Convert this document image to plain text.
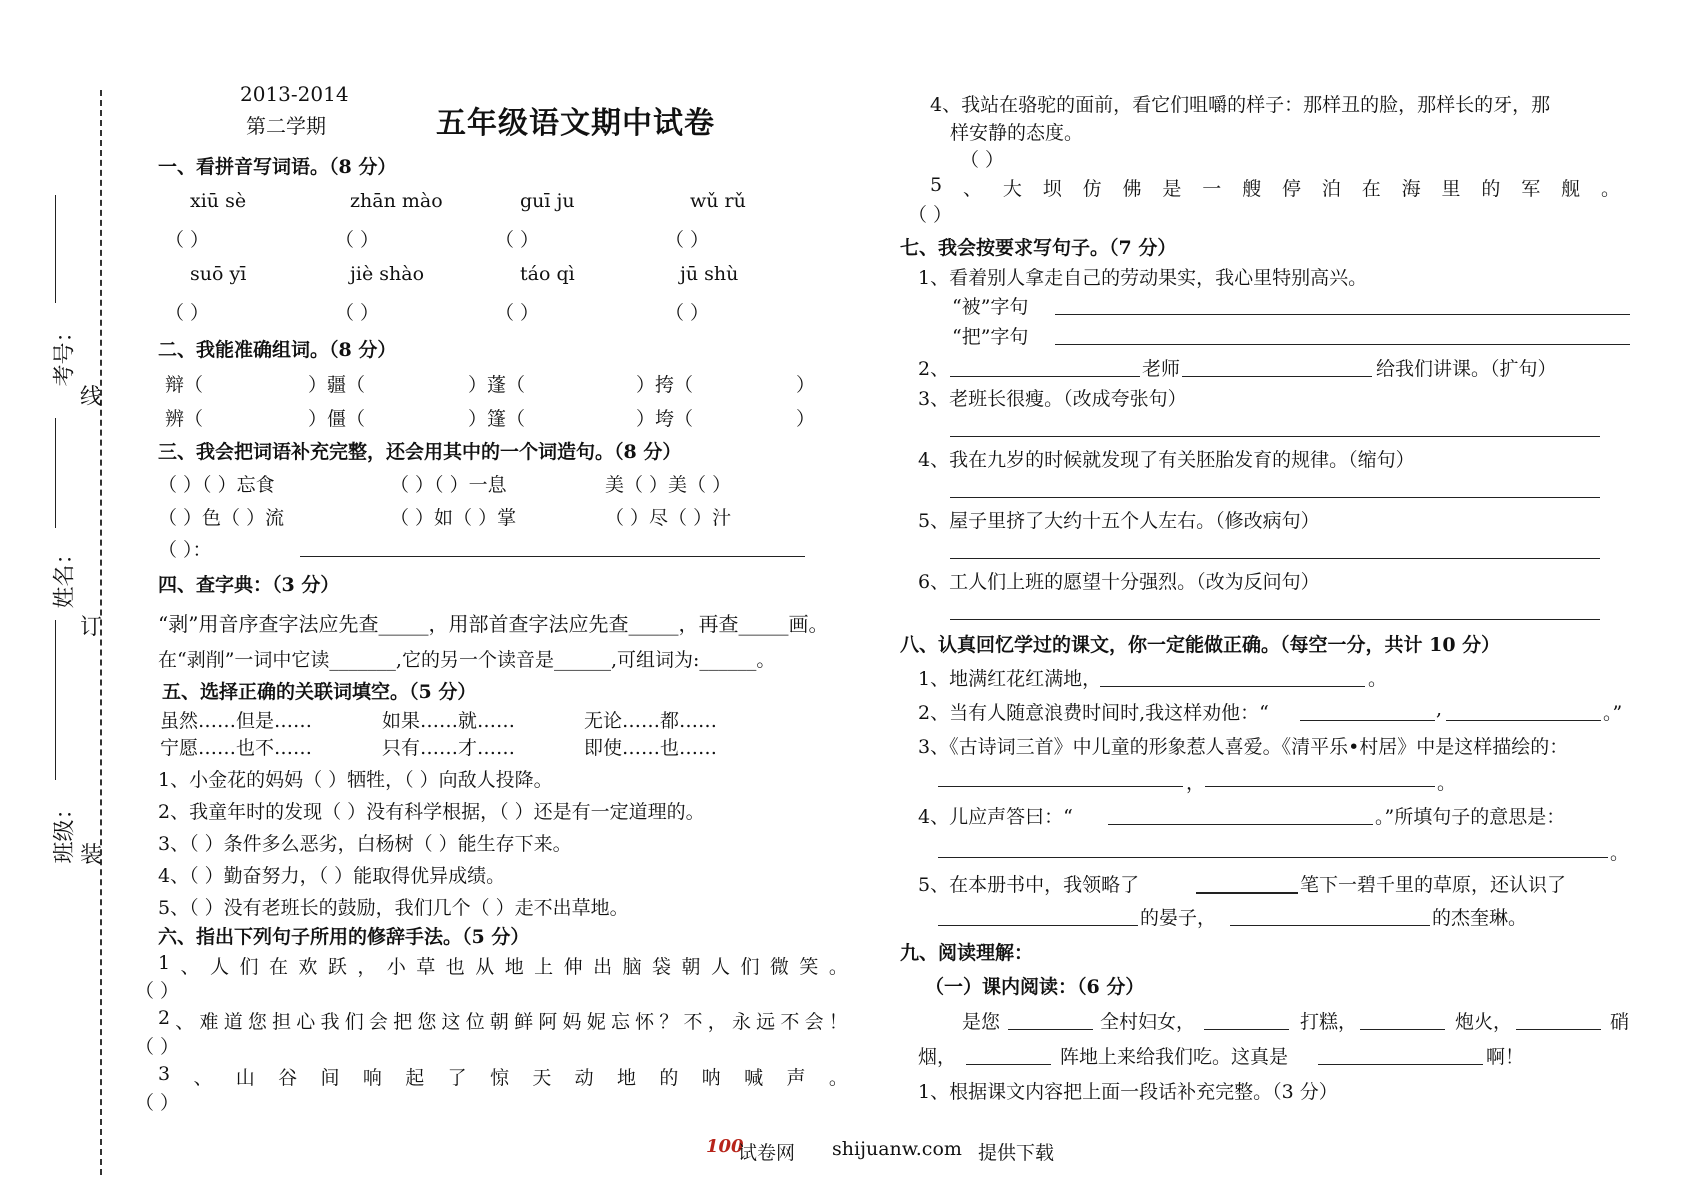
考号：
姓名：
班级：
线
订
装
2013-2014
第二学期	五年级语文期中试卷
一、看拼音写词语。（8 分）
xiū sè	zhān mào	guī ju	wǔ rǔ
（ ）	（ ）	（ ）	（ ）
suō yī	jiè shào	táo qì	jū shù
（ ）	（ ）	（ ）	（ ）
二、我能准确组词。（8 分）
辩（	）疆（	）蓬（	）挎（	）
辨（	）僵（	）篷（	）垮（	）
三、我会把词语补充完整，还会用其中的一个词造句。（8 分）
（ ）（ ）忘食	（ ）（ ）一息	美（ ）美（ ）
（ ）色（ ）流	（ ）如（ ）掌	（ ）尽（ ）汁
（ ）：
四、查字典：（3 分）
“剥”用音序查字法应先查_____，用部首查字法应先查_____，再查_____画。
在“剥削”一词中它读_______,它的另一个读音是______,可组词为:______。
五、选择正确的关联词填空。（5 分）
虽然……但是……	如果……就……	无论……都……
宁愿……也不……	只有……才……	即使……也……
1、小金花的妈妈（ ）牺牲，（ ）向敌人投降。
2、我童年时的发现（ ）没有科学根据，（ ）还是有一定道理的。
3、（ ）条件多么恶劣，白杨树（ ）能生存下来。
4、（ ）勤奋努力，（ ）能取得优异成绩。
5、（ ）没有老班长的鼓励，我们几个（ ）走不出草地。
六、指出下列句子所用的修辞手法。（5 分）
1 、 人 们 在 欢 跃 ， 小 草 也 从 地 上 伸 出 脑 袋 朝 人 们 微 笑 。
（ ）
2 、 难 道 您 担 心 我 们 会 把 您 这 位 朝 鲜 阿 妈 妮 忘 怀 ？ 不 ， 永 远 不 会 ！
（ ）
3 、 山 谷 间 响 起 了 惊 天 动 地 的 呐 喊 声 。
（ ）
4、我站在骆驼的面前，看它们咀嚼的样子：那样丑的脸，那样长的牙，那
样安静的态度。
（ ）
5 、 大 坝 仿 佛 是 一 艘 停 泊 在 海 里 的 军 舰 。
（ ）
七、我会按要求写句子。（7 分）
1、看着别人拿走自己的劳动果实，我心里特别高兴。
“被”字句
“把”字句
2、	老师	给我们讲课。（扩句）
3、老班长很瘦。（改成夸张句）
4、我在九岁的时候就发现了有关胚胎发育的规律。（缩句）
5、屋子里挤了大约十五个人左右。（修改病句）
6、工人们上班的愿望十分强烈。（改为反问句）
八、认真回忆学过的课文，你一定能做正确。（每空一分，共计 10 分）
1、地满红花红满地，	。
2、当有人随意浪费时间时,我这样劝他：“	,	。”
3、《古诗词三首》中儿童的形象惹人喜爱。《清平乐•村居》中是这样描绘的：
，	。
4、儿应声答曰：“	。”所填句子的意思是：
。
5、在本册书中，我领略了	笔下一碧千里的草原，还认识了
的晏子，	的杰奎琳。
九、阅读理解：
（一）课内阅读：（6 分）
是您	全村妇女，	打糕，	炮火，	硝
烟，	阵地上来给我们吃。这真是	啊！
1、根据课文内容把上面一段话补充完整。（3 分）
100
试卷网 shijuanw.com 提供下载
